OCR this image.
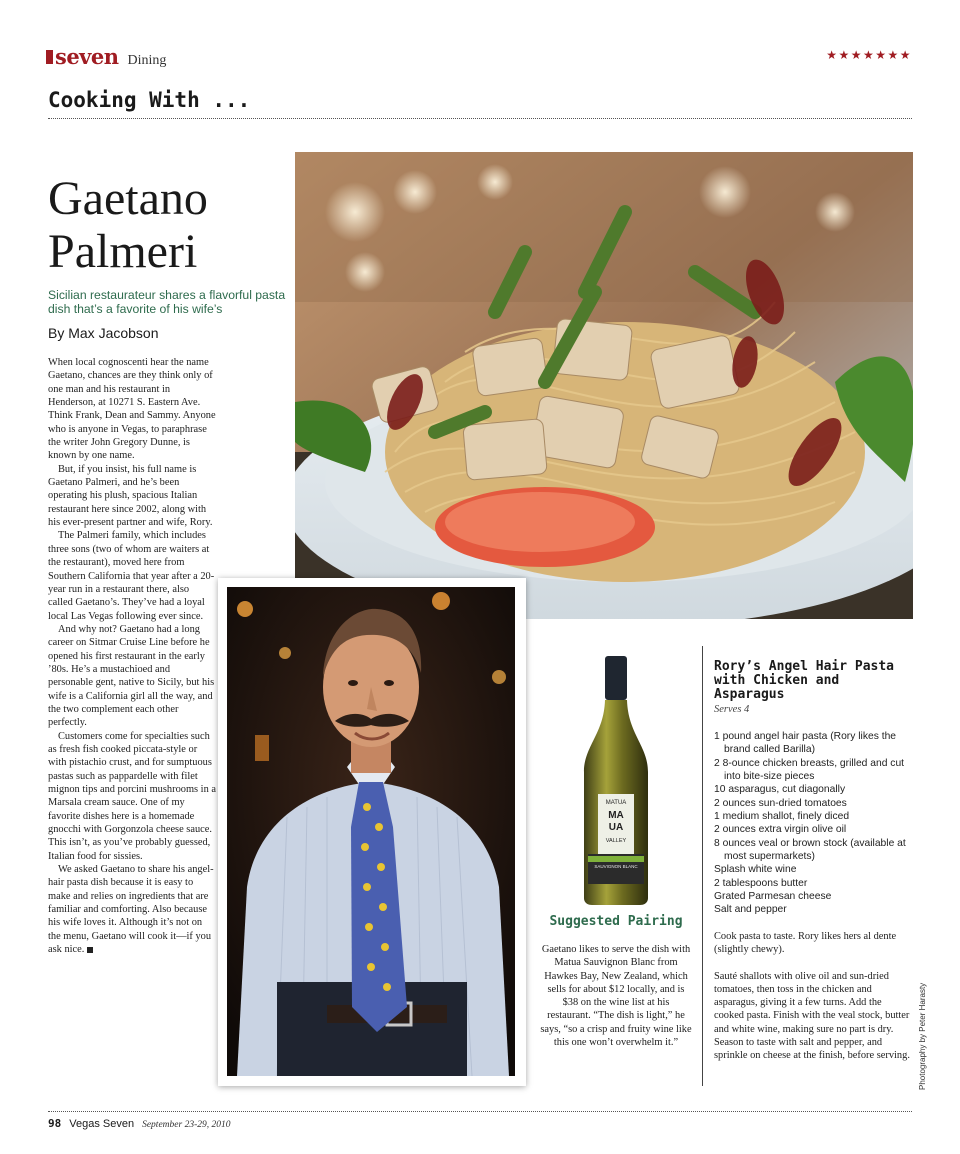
seven Dining	★★★★★★★
Cooking With ...
Gaetano
Palmeri
Sicilian restaurateur shares a flavorful pasta dish that’s a favorite of his wife’s
By Max Jacobson

When local cognoscenti hear the name Gaetano, chances are they think only of one man and his restaurant in Henderson, at 10271 S. Eastern Ave. Think Frank, Dean and Sammy. Anyone who is anyone in Vegas, to paraphrase the writer John Gregory Dunne, is known by one name.

But, if you insist, his full name is Gaetano Palmeri, and he’s been operating his plush, spacious Italian restaurant here since 2002, along with his ever-present partner and wife, Rory.

The Palmeri family, which includes three sons (two of whom are waiters at the restaurant), moved here from Southern California that year after a 20-year run in a restaurant there, also called Gaetano’s. They’ve had a loyal local Las Vegas following ever since.

And why not? Gaetano had a long career on Sitmar Cruise Line before he opened his first restaurant in the early ’80s. He’s a mustachioed and personable gent, native to Sicily, but his wife is a California girl all the way, and the two complement each other perfectly.

Customers come for specialties such as fresh fish cooked piccata-style or with pistachio crust, and for sumptuous pastas such as pappardelle with filet mignon tips and porcini mushrooms in a Marsala cream sauce. One of my favorite dishes here is a homemade gnocchi with Gorgonzola cheese sauce. This isn’t, as you’ve probably guessed, Italian food for sissies.

We asked Gaetano to share his angel-hair pasta dish because it is easy to make and relies on ingredients that are familiar and comforting. Also because his wife loves it. Although it’s not on the menu, Gaetano will cook it—if you ask nice.

MATUA
MA
UA
VALLEY
SAUVIGNON BLANC
Suggested Pairing
Gaetano likes to serve the dish with Matua Sauvignon Blanc from Hawkes Bay, New Zealand, which sells for about $12 locally, and is $38 on the wine list at his restaurant. “The dish is light,” he says, “so a crisp and fruity wine like this one won’t overwhelm it.”
Rory’s Angel Hair Pasta with Chicken and Asparagus
Serves 4
1 pound angel hair pasta (Rory likes the brand called Barilla)
2 8-ounce chicken breasts, grilled and cut into bite-size pieces
10 asparagus, cut diagonally
2 ounces sun-dried tomatoes
1 medium shallot, finely diced
2 ounces extra virgin olive oil
8 ounces veal or brown stock (available at most supermarkets)
Splash white wine
2 tablespoons butter
Grated Parmesan cheese
Salt and pepper

Cook pasta to taste. Rory likes hers al dente (slightly chewy).

Sauté shallots with olive oil and sun-dried tomatoes, then toss in the chicken and asparagus, giving it a few turns. Add the cooked pasta. Finish with the veal stock, butter and white wine, making sure no part is dry. Season to taste with salt and pepper, and sprinkle on cheese at the finish, before serving.	Photography by Peter Harasty
98 Vegas Seven September 23-29, 2010
